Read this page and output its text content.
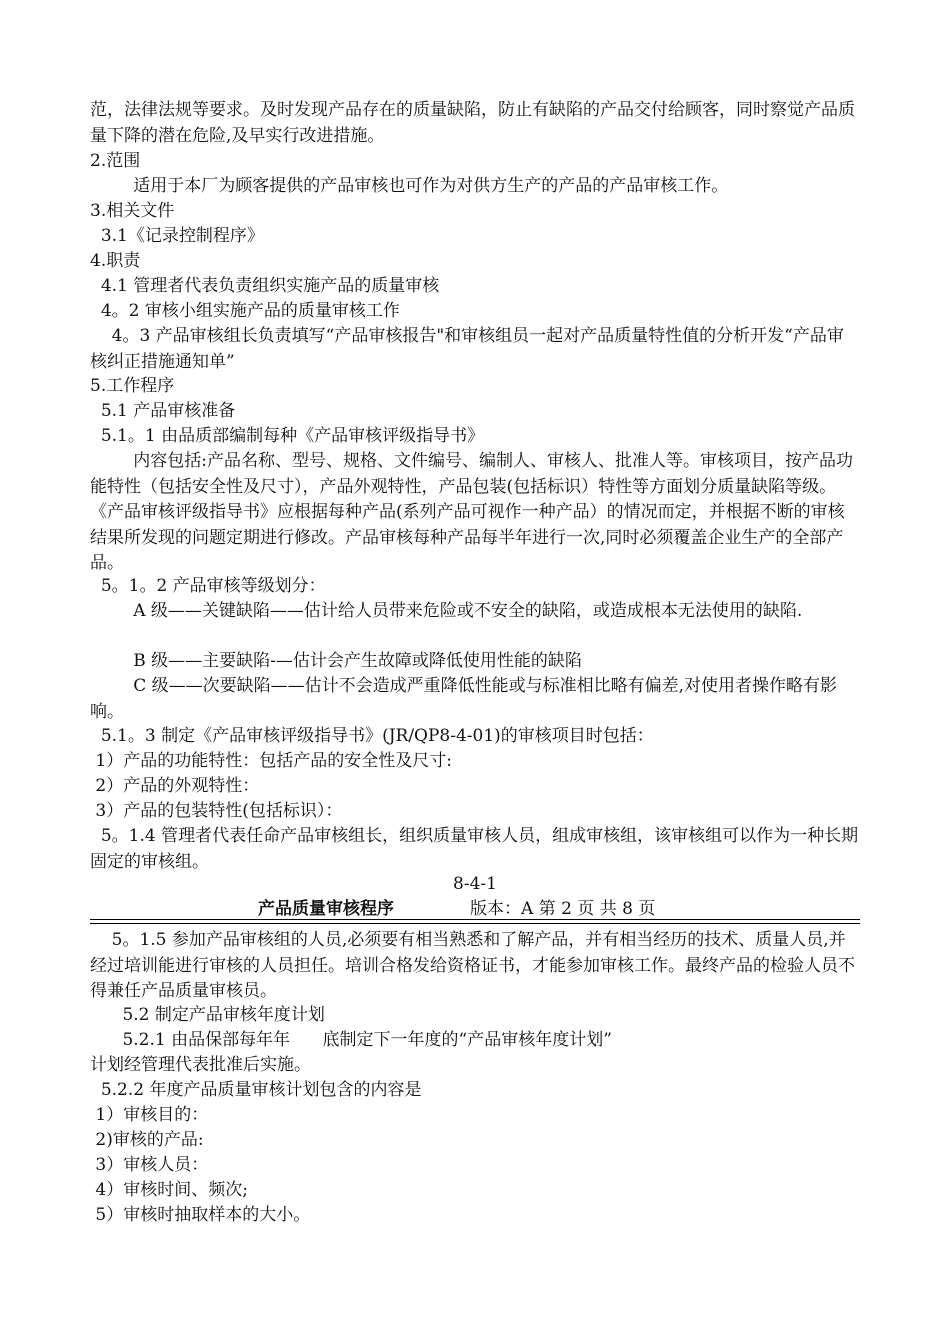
范，法律法规等要求。及时发现产品存在的质量缺陷，防止有缺陷的产品交付给顾客，同时察觉产品质量下降的潜在危险,及早实行改进措施。

2.范围

适用于本厂为顾客提供的产品审核也可作为对供方生产的产品的产品审核工作。

3.相关文件

3.1《记录控制程序》

4.职责

4.1 管理者代表负责组织实施产品的质量审核

4。2 审核小组实施产品的质量审核工作

4。3 产品审核组长负责填写“产品审核报告"和审核组员一起对产品质量特性值的分析开发“产品审核纠正措施通知单”

5.工作程序

5.1 产品审核准备

5.1。1 由品质部编制每种《产品审核评级指导书》

内容包括:产品名称、型号、规格、文件编号、编制人、审核人、批准人等。审核项目，按产品功能特性（包括安全性及尺寸），产品外观特性，产品包装(包括标识）特性等方面划分质量缺陷等级。《产品审核评级指导书》应根据每种产品(系列产品可视作一种产品）的情况而定，并根据不断的审核结果所发现的问题定期进行修改。产品审核每种产品每半年进行一次,同时必须覆盖企业生产的全部产品。

5。1。2 产品审核等级划分：

A 级——关键缺陷——估计给人员带来危险或不安全的缺陷，或造成根本无法使用的缺陷.

B 级——主要缺陷-—估计会产生故障或降低使用性能的缺陷

C 级——次要缺陷——估计不会造成严重降低性能或与标准相比略有偏差,对使用者操作略有影响。

5.1。3 制定《产品审核评级指导书》(JR/QP8-4-01)的审核项目时包括：

1）产品的功能特性：包括产品的安全性及尺寸:

2）产品的外观特性：

3）产品的包装特性(包括标识）：

5。1.4 管理者代表任命产品审核组长，组织质量审核人员，组成审核组，该审核组可以作为一种长期固定的审核组。

8-4-1
产品质量审核程序	版本：A 第 2 页 共 8 页

5。1.5 参加产品审核组的人员,必须要有相当熟悉和了解产品，并有相当经历的技术、质量人员,并经过培训能进行审核的人员担任。培训合格发给资格证书，才能参加审核工作。最终产品的检验人员不得兼任产品质量审核员。

5.2 制定产品审核年度计划

5.2.1 由品保部每年年      底制定下一年度的“产品审核年度计划”

计划经管理代表批准后实施。

5.2.2 年度产品质量审核计划包含的内容是

1）审核目的：

2)审核的产品:

3）审核人员：

4）审核时间、频次;

5）审核时抽取样本的大小。
